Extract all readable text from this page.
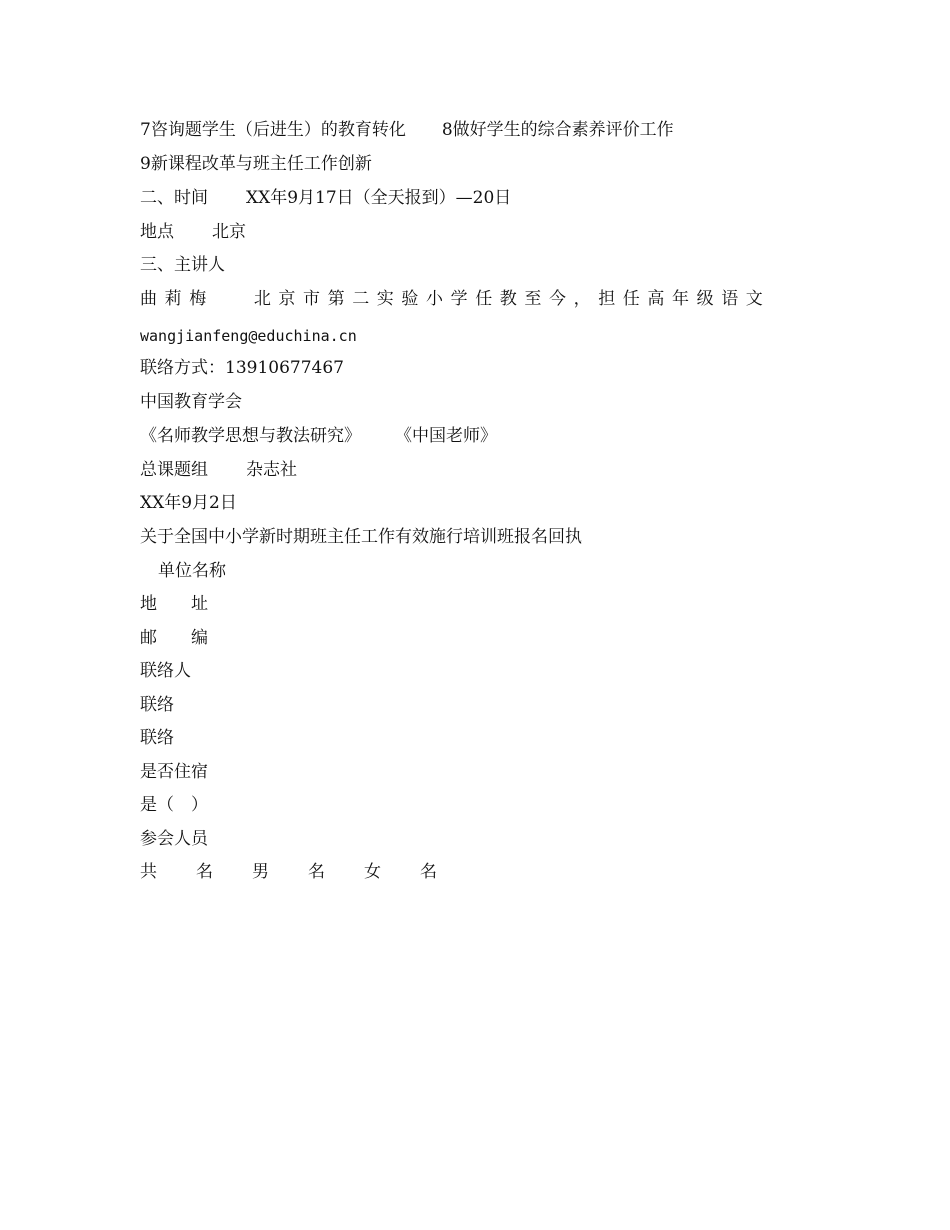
7咨询题学生（后进生）的教育转化 8做好学生的综合素养评价工作
9新课程改革与班主任工作创新
二、时间 XX年9月17日（全天报到）—20日
地点 北京
三、主讲人
曲莉梅 北京市第二实验小学任教至今，担任高年级语文
wangjianfeng@educhina.cn
联络方式：13910677467
中国教育学会
《名师教学思想与教法研究》 《中国老师》
总课题组 杂志社
XX年9月2日
关于全国中小学新时期班主任工作有效施行培训班报名回执
单位名称
地　　址
邮　　编
联络人
联络
联络
是否住宿
是（　）
参会人员
共 名 男 名 女 名
